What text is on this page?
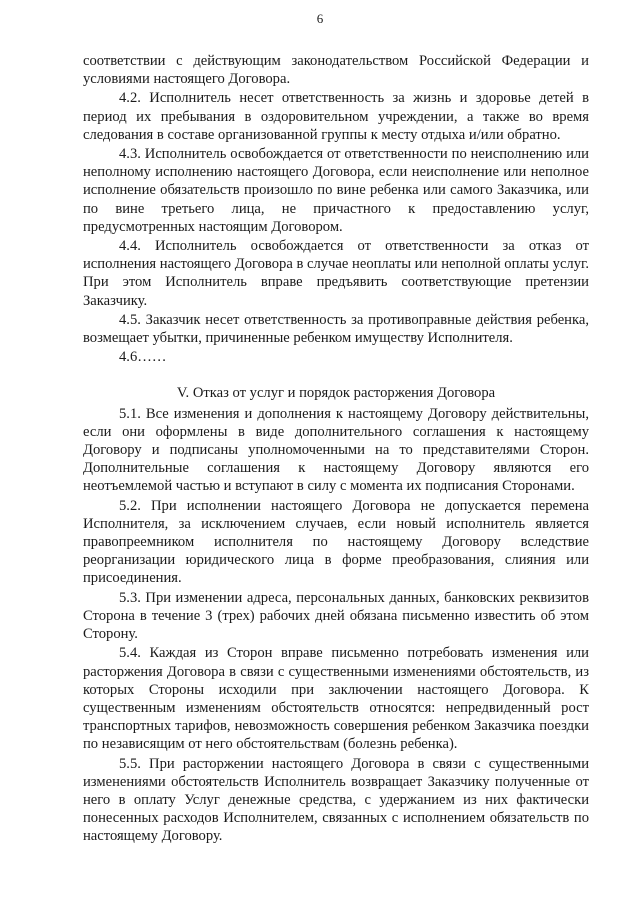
6

соответствии с действующим законодательством Российской Федерации и условиями настоящего Договора.

4.2. Исполнитель несет ответственность за жизнь и здоровье детей в период их пребывания в оздоровительном учреждении, а также во время следования в составе организованной группы к месту отдыха и/или обратно.

4.3. Исполнитель освобождается от ответственности по неисполнению или неполному исполнению настоящего Договора, если неисполнение или неполное исполнение обязательств произошло по вине ребенка или самого Заказчика, или по вине третьего лица, не причастного к предоставлению услуг, предусмотренных настоящим Договором.

4.4. Исполнитель освобождается от ответственности за отказ от исполнения настоящего Договора в случае неоплаты или неполной оплаты услуг. При этом Исполнитель вправе предъявить соответствующие претензии Заказчику.

4.5. Заказчик несет ответственность за противоправные действия ребенка, возмещает убытки, причиненные ребенком имуществу Исполнителя.

4.6……

V. Отказ от услуг и порядок расторжения Договора

5.1. Все изменения и дополнения к настоящему Договору действительны, если они оформлены в виде дополнительного соглашения к настоящему Договору и подписаны уполномоченными на то представителями Сторон. Дополнительные соглашения к настоящему Договору являются его неотъемлемой частью и вступают в силу с момента их подписания Сторонами.

5.2. При исполнении настоящего Договора не допускается перемена Исполнителя, за исключением случаев, если новый исполнитель является правопреемником исполнителя по настоящему Договору вследствие реорганизации юридического лица в форме преобразования, слияния или присоединения.

5.3. При изменении адреса, персональных данных, банковских реквизитов Сторона в течение 3 (трех) рабочих дней обязана письменно известить об этом Сторону.

5.4. Каждая из Сторон вправе письменно потребовать изменения или расторжения Договора в связи с существенными изменениями обстоятельств, из которых Стороны исходили при заключении настоящего Договора. К существенным изменениям обстоятельств относятся: непредвиденный рост транспортных тарифов, невозможность совершения ребенком Заказчика поездки по независящим от него обстоятельствам (болезнь ребенка).

5.5. При расторжении настоящего Договора в связи с существенными изменениями обстоятельств Исполнитель возвращает Заказчику полученные от него в оплату Услуг денежные средства, с удержанием из них фактически понесенных расходов Исполнителем, связанных с исполнением обязательств по настоящему Договору.
